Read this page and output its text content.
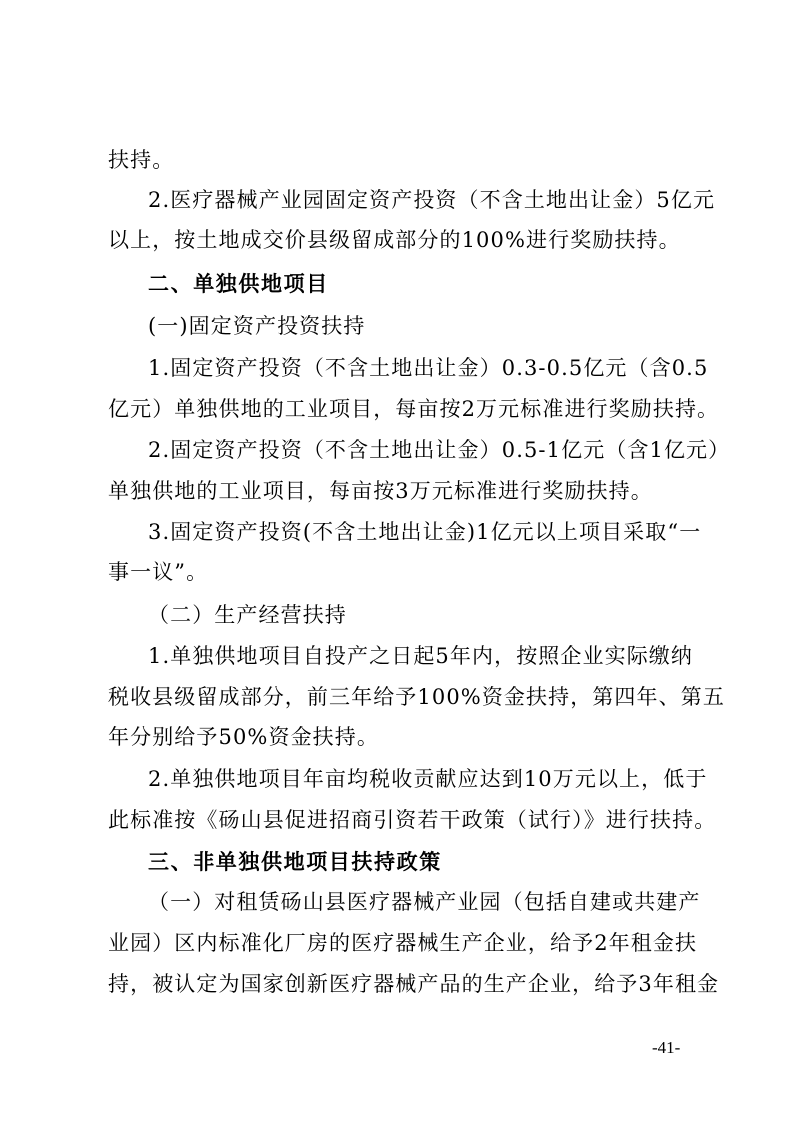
扶持。
2.医疗器械产业园固定资产投资（不含土地出让金）5亿元
以上，按土地成交价县级留成部分的100%进行奖励扶持。
二、单独供地项目
(一)固定资产投资扶持
1.固定资产投资（不含土地出让金）0.3-0.5亿元（含0.5
亿元）单独供地的工业项目，每亩按2万元标准进行奖励扶持。
2.固定资产投资（不含土地出让金）0.5-1亿元（含1亿元）
单独供地的工业项目，每亩按3万元标准进行奖励扶持。
3.固定资产投资(不含土地出让金)1亿元以上项目采取“一
事一议”。
（二）生产经营扶持
1.单独供地项目自投产之日起5年内，按照企业实际缴纳
税收县级留成部分，前三年给予100%资金扶持，第四年、第五
年分别给予50%资金扶持。
2.单独供地项目年亩均税收贡献应达到10万元以上，低于
此标准按《砀山县促进招商引资若干政策（试行）》进行扶持。
三、非单独供地项目扶持政策
（一）对租赁砀山县医疗器械产业园（包括自建或共建产
业园）区内标准化厂房的医疗器械生产企业，给予2年租金扶
持，被认定为国家创新医疗器械产品的生产企业，给予3年租金
-41-
